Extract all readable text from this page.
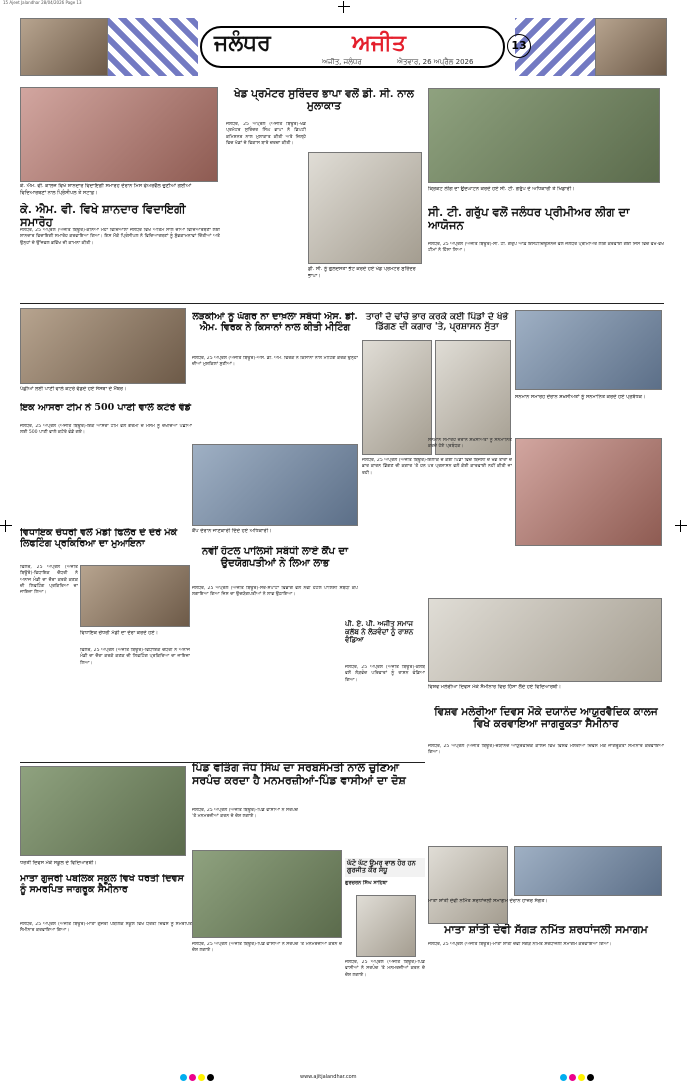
15 Ajeet Jalandhar 28/04/2026 Page 13
ਜਲੰਧਰ	ਅਜੀਤ
ਅਜੀਤ, ਜਲੰਧਰ	ਐਤਵਾਰ, 26 ਅਪ੍ਰੈਲ 2026
13
ਕੇ. ਐਮ. ਵੀ. ਕਾਲਜ ਵਿਖੇ ਸ਼ਾਨਦਾਰ ਵਿਦਾਇਗੀ ਸਮਾਰੋਹ ਦੌਰਾਨ ਮਿਸ ਫੇਅਰਵੈੱਲ ਚੁਣੀਆਂ ਗਈਆਂ ਵਿਦਿਆਰਥਣਾਂ ਨਾਲ ਪ੍ਰਿੰਸੀਪਲ ਤੇ ਸਟਾਫ਼।
ਕੇ. ਐਮ. ਵੀ. ਵਿਖੇ ਸ਼ਾਨਦਾਰ ਵਿਦਾਇਗੀ ਸਮਾਰੋਹ
ਜਲੰਧਰ, 25 ਅਪ੍ਰੈਲ (ਅਜੀਤ ਬਿਊਰੋ)-ਕੰਨਿਆ ਮਹਾਂ ਵਿਦਿਆਲਾ ਜਲੰਧਰ ਵਿਖੇ ਅੰਤਿਮ ਸਾਲ ਦੀਆਂ ਵਿਦਿਆਰਥਣਾਂ ਲਈ ਸ਼ਾਨਦਾਰ ਵਿਦਾਇਗੀ ਸਮਾਰੋਹ ਕਰਵਾਇਆ ਗਿਆ। ਇਸ ਮੌਕੇ ਪ੍ਰਿੰਸੀਪਲ ਨੇ ਵਿਦਿਆਰਥਣਾਂ ਨੂੰ ਸ਼ੁੱਭਕਾਮਨਾਵਾਂ ਦਿੱਤੀਆਂ ਅਤੇ ਉਨ੍ਹਾਂ ਦੇ ਉੱਜਵਲ ਭਵਿੱਖ ਦੀ ਕਾਮਨਾ ਕੀਤੀ।
ਖੇਡ ਪ੍ਰਮੋਟਰ ਸੁਰਿੰਦਰ ਭਾਪਾ ਵਲੋਂ ਡੀ. ਸੀ. ਨਾਲ ਮੁਲਾਕਾਤ
ਜਲੰਧਰ, 25 ਅਪ੍ਰੈਲ (ਅਜੀਤ ਬਿਊਰੋ)-ਖੇਡ ਪ੍ਰਮੋਟਰ ਸੁਰਿੰਦਰ ਸਿੰਘ ਭਾਪਾ ਨੇ ਡਿਪਟੀ ਕਮਿਸ਼ਨਰ ਨਾਲ ਮੁਲਾਕਾਤ ਕੀਤੀ ਅਤੇ ਜ਼ਿਲ੍ਹੇ ਵਿਚ ਖੇਡਾਂ ਦੇ ਵਿਕਾਸ ਬਾਰੇ ਚਰਚਾ ਕੀਤੀ।
ਡੀ. ਸੀ. ਨੂੰ ਗੁਲਦਸਤਾ ਭੇਟ ਕਰਦੇ ਹੋਏ ਖੇਡ ਪ੍ਰਮੋਟਰ ਸੁਰਿੰਦਰ ਭਾਪਾ।
ਕ੍ਰਿਕਟ ਲੀਗ ਦਾ ਉਦਘਾਟਨ ਕਰਦੇ ਹੋਏ ਸੀ. ਟੀ. ਗਰੁੱਪ ਦੇ ਅਧਿਕਾਰੀ ਤੇ ਖਿਡਾਰੀ।
ਸੀ. ਟੀ. ਗਰੁੱਪ ਵਲੋਂ ਜਲੰਧਰ ਪ੍ਰੀਮੀਅਰ ਲੀਗ ਦਾ ਆਯੋਜਨ
ਜਲੰਧਰ, 25 ਅਪ੍ਰੈਲ (ਅਜੀਤ ਬਿਊਰੋ)-ਸੀ. ਟੀ. ਗਰੁੱਪ ਆਫ਼ ਇੰਸਟੀਚਿਊਸ਼ਨਜ਼ ਵਲੋਂ ਜਲੰਧਰ ਪ੍ਰੀਮੀਅਰ ਲੀਗ ਕਰਵਾਈ ਗਈ ਜਿਸ ਵਿਚ ਵੱਖ-ਵੱਖ ਟੀਮਾਂ ਨੇ ਹਿੱਸਾ ਲਿਆ।
ਪੰਛੀਆਂ ਲਈ ਪਾਣੀ ਵਾਲੇ ਕਟੋਰੇ ਵੰਡਦੇ ਹੋਏ ਸੰਸਥਾ ਦੇ ਮੈਂਬਰ।
ਇਕ ਆਸਰਾ ਟੀਮ ਨੇ 500 ਪਾਣੀ ਵਾਲੇ ਕਟੋਰੇ ਵੰਡੇ
ਜਲੰਧਰ, 25 ਅਪ੍ਰੈਲ (ਅਜੀਤ ਬਿਊਰੋ)-ਇਕ ਆਸਰਾ ਟੀਮ ਵਲੋਂ ਗਰਮੀ ਦੇ ਮੌਸਮ ਨੂੰ ਦੇਖਦਿਆਂ ਪੰਛੀਆਂ ਲਈ 500 ਪਾਣੀ ਵਾਲੇ ਕਟੋਰੇ ਵੰਡੇ ਗਏ।
ਲੜਕੀਆਂ ਨੂੰ ਘੱਗਰ ਨਾ ਦਾਖ਼ਲਾ ਸਬੰਧੀ ਐਸ. ਡੀ. ਐਮ. ਵਿਰਕ ਨੇ ਕਿਸਾਨਾਂ ਨਾਲ ਕੀਤੀ ਮੀਟਿੰਗ
ਜਲੰਧਰ, 25 ਅਪ੍ਰੈਲ (ਅਜੀਤ ਬਿਊਰੋ)-ਐਸ. ਡੀ. ਐਮ. ਵਿਰਕ ਨੇ ਕਿਸਾਨਾਂ ਨਾਲ ਮੀਟਿੰਗ ਕਰਕੇ ਉਨ੍ਹਾਂ ਦੀਆਂ ਮੁਸ਼ਕਿਲਾਂ ਸੁਣੀਆਂ।
ਤਾਰਾਂ ਦੇ ਢਾਂਚੇ ਭਾਰ ਕਰਕੇ ਕਈ ਪਿੰਡਾਂ ਦੇ ਖੰਭੇ ਡਿੱਗਣ ਦੀ ਕਗਾਰ 'ਤੇ, ਪ੍ਰਸ਼ਾਸਨ ਸੁੱਤਾ
ਜਲੰਧਰ, 25 ਅਪ੍ਰੈਲ (ਅਜੀਤ ਬਿਊਰੋ)-ਇਲਾਕੇ ਦੇ ਕਈ ਪਿੰਡਾਂ ਵਿਚ ਬਿਜਲੀ ਦੇ ਖੰਭੇ ਤਾਰਾਂ ਦੇ ਭਾਰ ਕਾਰਨ ਡਿੱਗਣ ਦੀ ਕਗਾਰ 'ਤੇ ਹਨ ਪਰ ਪ੍ਰਸ਼ਾਸਨ ਵਲੋਂ ਕੋਈ ਕਾਰਵਾਈ ਨਹੀਂ ਕੀਤੀ ਜਾ ਰਹੀ।
ਸਨਮਾਨ ਸਮਾਰੋਹ ਦੌਰਾਨ ਸ਼ਖ਼ਸੀਅਤਾਂ ਨੂੰ ਸਨਮਾਨਿਤ ਕਰਦੇ ਹੋਏ ਪ੍ਰਬੰਧਕ।
ਸਨਮਾਨ ਸਮਾਰੋਹ ਦੌਰਾਨ ਸ਼ਖ਼ਸੀਅਤਾਂ ਨੂੰ ਸਨਮਾਨਿਤ ਕਰਦੇ ਹੋਏ ਪ੍ਰਬੰਧਕ।
ਵਿਧਾਇਕ ਚੌਧਰੀ ਵਲੋਂ ਮੰਡੀ ਫਿਲੌਰ ਦੇ ਦੌਰੇ ਮੌਕੇ ਲਿਫਟਿੰਗ ਪ੍ਰਕਿਰਿਆ ਦਾ ਮੁਆਇਨਾ
ਫਿਲੌਰ, 25 ਅਪ੍ਰੈਲ (ਅਜੀਤ ਬਿਊਰੋ)-ਵਿਧਾਇਕ ਚੌਧਰੀ ਨੇ ਅਨਾਜ ਮੰਡੀ ਦਾ ਦੌਰਾ ਕਰਕੇ ਕਣਕ ਦੀ ਲਿਫਟਿੰਗ ਪ੍ਰਕਿਰਿਆ ਦਾ ਜਾਇਜ਼ਾ ਲਿਆ।
ਵਿਧਾਇਕ ਚੌਧਰੀ ਮੰਡੀ ਦਾ ਦੌਰਾ ਕਰਦੇ ਹੋਏ।
ਫਿਲੌਰ, 25 ਅਪ੍ਰੈਲ (ਅਜੀਤ ਬਿਊਰੋ)-ਵਿਧਾਇਕ ਚੌਧਰੀ ਨੇ ਅਨਾਜ ਮੰਡੀ ਦਾ ਦੌਰਾ ਕਰਕੇ ਕਣਕ ਦੀ ਲਿਫਟਿੰਗ ਪ੍ਰਕਿਰਿਆ ਦਾ ਜਾਇਜ਼ਾ ਲਿਆ।
ਕੈਂਪ ਦੌਰਾਨ ਜਾਣਕਾਰੀ ਦਿੰਦੇ ਹੋਏ ਅਧਿਕਾਰੀ।
ਨਵੀਂ ਹੋਟਲ ਪਾਲਿਸੀ ਸਬੰਧੀ ਲਾਏ ਕੈਂਪ ਦਾ ਉਦਯੋਗਪਤੀਆਂ ਨੇ ਲਿਆ ਲਾਭ
ਜਲੰਧਰ, 25 ਅਪ੍ਰੈਲ (ਅਜੀਤ ਬਿਊਰੋ)-ਸੈਰ-ਸਪਾਟਾ ਵਿਭਾਗ ਵਲੋਂ ਨਵੀਂ ਹੋਟਲ ਪਾਲਿਸੀ ਸਬੰਧੀ ਕੈਂਪ ਲਗਾਇਆ ਗਿਆ ਜਿਸ ਦਾ ਉਦਯੋਗਪਤੀਆਂ ਨੇ ਲਾਭ ਉਠਾਇਆ।
ਪੀ. ਏ. ਪੀ. ਅਜੀਤ ਸਮਾਜ ਕਲੱਬ ਨੇ ਲੋੜਵੰਦਾਂ ਨੂੰ ਰਾਸ਼ਨ ਵੰਡਿਆ
ਜਲੰਧਰ, 25 ਅਪ੍ਰੈਲ (ਅਜੀਤ ਬਿਊਰੋ)-ਕਲੱਬ ਵਲੋਂ ਲੋੜਵੰਦ ਪਰਿਵਾਰਾਂ ਨੂੰ ਰਾਸ਼ਨ ਵੰਡਿਆ ਗਿਆ।
ਵਿਸ਼ਵ ਮਲੇਰੀਆ ਦਿਵਸ ਮੌਕੇ ਸੈਮੀਨਾਰ ਵਿਚ ਹਿੱਸਾ ਲੈਂਦੇ ਹੋਏ ਵਿਦਿਆਰਥੀ।
ਵਿਸ਼ਵ ਮਲੇਰੀਆ ਦਿਵਸ ਮੌਕੇ ਦਯਾਨੰਦ ਆਯੁਰਵੈਦਿਕ ਕਾਲਜ ਵਿਖੇ ਕਰਵਾਇਆ ਜਾਗਰੂਕਤਾ ਸੈਮੀਨਾਰ
ਜਲੰਧਰ, 25 ਅਪ੍ਰੈਲ (ਅਜੀਤ ਬਿਊਰੋ)-ਦਯਾਨੰਦ ਆਯੁਰਵੈਦਿਕ ਕਾਲਜ ਵਿਖੇ ਵਿਸ਼ਵ ਮਲੇਰੀਆ ਦਿਵਸ ਮੌਕੇ ਜਾਗਰੂਕਤਾ ਸੈਮੀਨਾਰ ਕਰਵਾਇਆ ਗਿਆ।
ਧਰਤੀ ਦਿਵਸ ਮੌਕੇ ਸਕੂਲ ਦੇ ਵਿਦਿਆਰਥੀ।
ਮਾਤਾ ਗੁਜਰੀ ਪਬਲਿਕ ਸਕੂਲ ਵਿਖੇ ਧਰਤੀ ਦਿਵਸ ਨੂੰ ਸਮਰਪਿਤ ਜਾਗਰੂਕ ਸੈਮੀਨਾਰ
ਜਲੰਧਰ, 25 ਅਪ੍ਰੈਲ (ਅਜੀਤ ਬਿਊਰੋ)-ਮਾਤਾ ਗੁਜਰੀ ਪਬਲਿਕ ਸਕੂਲ ਵਿਖੇ ਧਰਤੀ ਦਿਵਸ ਨੂੰ ਸਮਰਪਿਤ ਸੈਮੀਨਾਰ ਕਰਵਾਇਆ ਗਿਆ।
ਪਿੰਡ ਵੜਿੰਗ ਜੋਧ ਸਿੰਘ ਦਾ ਸਰਬਸੰਮਤੀ ਨਾਲ ਚੁਣਿਆ ਸਰਪੰਚ ਕਰਦਾ ਹੈ ਮਨਮਰਜ਼ੀਆਂ-ਪਿੰਡ ਵਾਸੀਆਂ ਦਾ ਦੋਸ਼
ਜਲੰਧਰ, 25 ਅਪ੍ਰੈਲ (ਅਜੀਤ ਬਿਊਰੋ)-ਪਿੰਡ ਵਾਸੀਆਂ ਨੇ ਸਰਪੰਚ 'ਤੇ ਮਨਮਰਜ਼ੀਆਂ ਕਰਨ ਦੇ ਦੋਸ਼ ਲਗਾਏ।
ਜਲੰਧਰ, 25 ਅਪ੍ਰੈਲ (ਅਜੀਤ ਬਿਊਰੋ)-ਪਿੰਡ ਵਾਸੀਆਂ ਨੇ ਸਰਪੰਚ 'ਤੇ ਮਨਮਰਜ਼ੀਆਂ ਕਰਨ ਦੇ ਦੋਸ਼ ਲਗਾਏ।
ਘੱਟੋ ਘੱਟ ਉਮਰ ਵਾਲ ਹੋਰ ਹਨ ਗੁਰਜੀਤ ਕੌਰ ਸੰਧੂ
ਗੁਰਚਰਨ ਸਿੰਘ ਸਾਹਿਬਾ
ਜਲੰਧਰ, 25 ਅਪ੍ਰੈਲ (ਅਜੀਤ ਬਿਊਰੋ)-ਪਿੰਡ ਵਾਸੀਆਂ ਨੇ ਸਰਪੰਚ 'ਤੇ ਮਨਮਰਜ਼ੀਆਂ ਕਰਨ ਦੇ ਦੋਸ਼ ਲਗਾਏ।
ਮਾਤਾ ਸ਼ਾਂਤੀ ਦੇਵੀ ਨਮਿੱਤ ਸ਼ਰਧਾਂਜਲੀ ਸਮਾਗਮ ਦੌਰਾਨ ਹਾਜ਼ਰ ਸੰਗਤ।
ਮਾਤਾ ਸ਼ਾਂਤੀ ਦੇਵੀ ਸੱਗੜ ਨਮਿੱਤ ਸ਼ਰਧਾਂਜਲੀ ਸਮਾਗਮ
ਜਲੰਧਰ, 25 ਅਪ੍ਰੈਲ (ਅਜੀਤ ਬਿਊਰੋ)-ਮਾਤਾ ਸ਼ਾਂਤੀ ਦੇਵੀ ਸੱਗੜ ਨਮਿੱਤ ਸ਼ਰਧਾਂਜਲੀ ਸਮਾਗਮ ਕਰਵਾਇਆ ਗਿਆ।
www.ajitjalandhar.com
